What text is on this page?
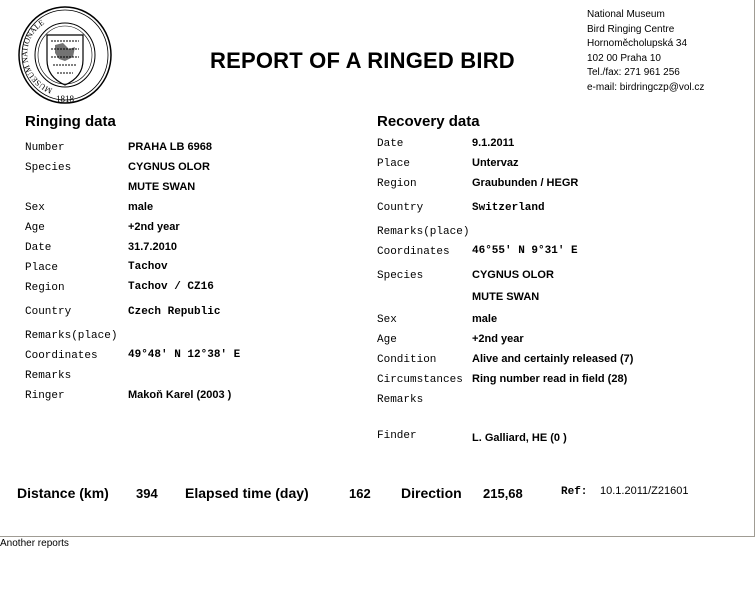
1818
MUSEUM NATIONALE
REPORT OF A RINGED BIRD
National Museum
Bird Ringing Centre
Hornoměcholupská 34
102 00 Praha 10
Tel./fax: 271 961 256
e-mail: birdringczp@vol.cz
Ringing data
Number	PRAHA LB 6968
Species	CYGNUS OLOR
MUTE SWAN
Sex	male
Age	+2nd year
Date	31.7.2010
Place	Tachov
Region	Tachov / CZ16
Country	Czech Republic
Remarks(place)
Coordinates	49°48' N 12°38' E
Remarks
Ringer	Makoň Karel (2003 )
Recovery data
Date	9.1.2011
Place	Untervaz
Region	Graubunden / HEGR
Country	Switzerland
Remarks(place)
Coordinates 46°55' N 9°31' E
Species	CYGNUS OLOR
MUTE SWAN
Sex	male
Age	+2nd year
Condition	Alive and certainly released (7)
Circumstances Ring number read in field (28)
Remarks
Finder	L. Galliard, HE (0 )
Distance (km) 394 Elapsed time (day)	162 Direction 215,68	Ref: 10.1.2011/Z21601
Another reports
